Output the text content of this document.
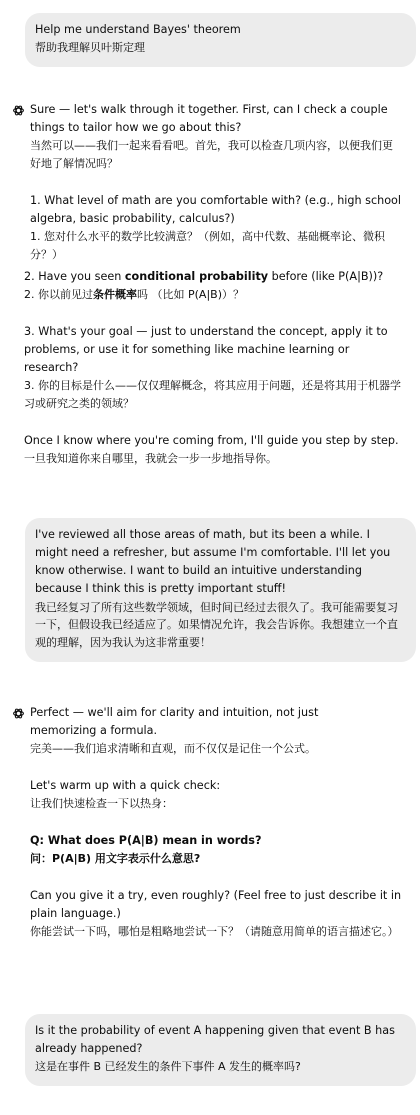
Help me understand Bayes' theorem

帮助我理解贝叶斯定理

Sure — let's walk through it together. First, can I check a couple things to tailor how we go about this?

当然可以——我们一起来看看吧。首先，我可以检查几项内容，以便我们更好地了解情况吗？

1. What level of math are you comfortable with? (e.g., high school algebra, basic probability, calculus?)

1. 您对什么水平的数学比较满意？（例如，高中代数、基础概率论、微积分？）

2. Have you seen conditional probability before (like P(A|B))?

2. 你以前见过条件概率吗 （比如 P(A|B)）？

3. What's your goal — just to understand the concept, apply it to problems, or use it for something like machine learning or research?

3. 你的目标是什么——仅仅理解概念，将其应用于问题，还是将其用于机器学习或研究之类的领域？

Once I know where you're coming from, I'll guide you step by step.

一旦我知道你来自哪里，我就会一步一步地指导你。

I've reviewed all those areas of math, but its been a while. I might need a refresher, but assume I'm comfortable. I'll let you know otherwise. I want to build an intuitive understanding because I think this is pretty important stuff!

我已经复习了所有这些数学领域，但时间已经过去很久了。我可能需要复习一下，但假设我已经适应了。如果情况允许，我会告诉你。我想建立一个直观的理解，因为我认为这非常重要！

Perfect — we'll aim for clarity and intuition, not just memorizing a formula.

完美——我们追求清晰和直观，而不仅仅是记住一个公式。

Let's warm up with a quick check:

让我们快速检查一下以热身：

Q: What does P(A|B) mean in words?

问：P(A|B) 用文字表示什么意思?

Can you give it a try, even roughly? (Feel free to just describe it in plain language.)

你能尝试一下吗，哪怕是粗略地尝试一下？（请随意用简单的语言描述它。）

Is it the probability of event A happening given that event B has already happened?

这是在事件 B 已经发生的条件下事件 A 发生的概率吗?
